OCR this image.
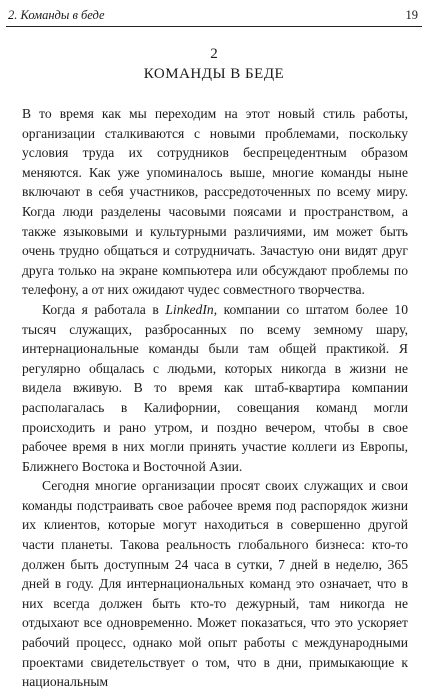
2. Команды в беде	19
2
КОМАНДЫ В БЕДЕ

В то время как мы переходим на этот новый стиль работы, организации сталкиваются с новыми проблемами, поскольку условия труда их сотрудников беспрецедентным образом меняются. Как уже упоминалось выше, многие команды ныне включают в себя участников, рассредоточенных по всему миру. Когда люди разделены часовыми поясами и пространством, а также языковыми и культурными различиями, им может быть очень трудно общаться и сотрудничать. Зачастую они видят друг друга только на экране компьютера или обсуждают проблемы по телефону, а от них ожидают чудес совместного творчества.

Когда я работала в LinkedIn, компании со штатом более 10 тысяч служащих, разбросанных по всему земному шару, интернациональные команды были там общей практикой. Я регулярно общалась с людьми, которых никогда в жизни не видела вживую. В то время как штаб-квартира компании располагалась в Калифорнии, совещания команд могли происходить и рано утром, и поздно вечером, чтобы в свое рабочее время в них могли принять участие коллеги из Европы, Ближнего Востока и Восточной Азии.

Сегодня многие организации просят своих служащих и свои команды подстраивать свое рабочее время под распорядок жизни их клиентов, которые могут находиться в совершенно другой части планеты. Такова реальность глобального бизнеса: кто-то должен быть доступным 24 часа в сутки, 7 дней в неделю, 365 дней в году. Для интернациональных команд это означает, что в них всегда должен быть кто-то дежурный, там никогда не отдыхают все одновременно. Может показаться, что это ускоряет рабочий процесс, однако мой опыт работы с международными проектами свидетельствует о том, что в дни, примыкающие к национальным
